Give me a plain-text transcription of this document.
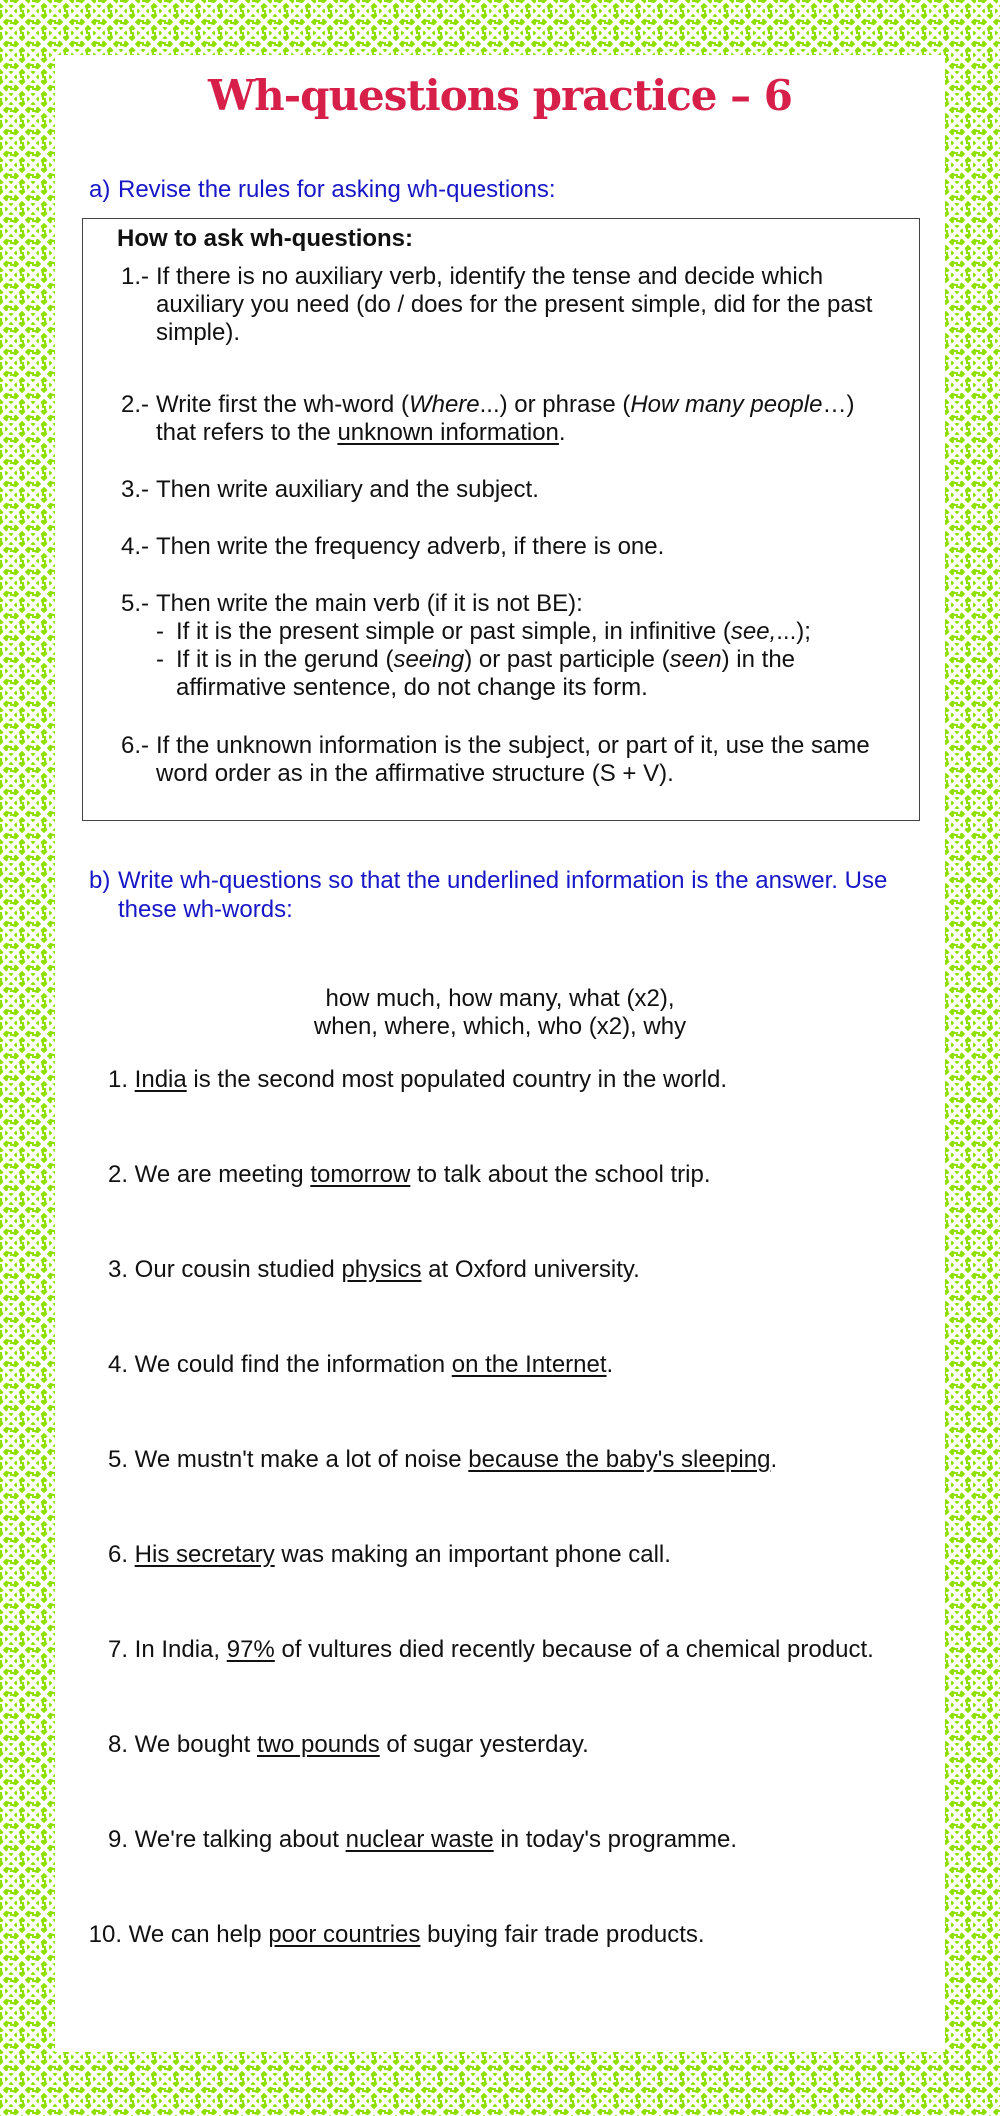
Wh-questions practice – 6
a) Revise the rules for asking wh-questions:
How to ask wh-questions:
1.- If there is no auxiliary verb, identify the tense and decide which auxiliary you need (do / does for the present simple, did for the past simple).
2.- Write first the wh-word (Where...) or phrase (How many people…) that refers to the unknown information.
3.- Then write auxiliary and the subject.
4.- Then write the frequency adverb, if there is one.
5.- Then write the main verb (if it is not BE):
- If it is the present simple or past simple, in infinitive (see,...);
- If it is in the gerund (seeing) or past participle (seen) in the affirmative sentence, do not change its form.
6.- If the unknown information is the subject, or part of it, use the same word order as in the affirmative structure (S + V).
b) Write wh-questions so that the underlined information is the answer. Use these wh-words:
how much, how many, what (x2),
when, where, which, who (x2), why
1. India is the second most populated country in the world.
2. We are meeting tomorrow to talk about the school trip.
3. Our cousin studied physics at Oxford university.
4. We could find the information on the Internet.
5. We mustn't make a lot of noise because the baby's sleeping.
6. His secretary was making an important phone call.
7. In India, 97% of vultures died recently because of a chemical product.
8. We bought two pounds of sugar yesterday.
9. We're talking about nuclear waste in today's programme.
10. We can help poor countries buying fair trade products.
